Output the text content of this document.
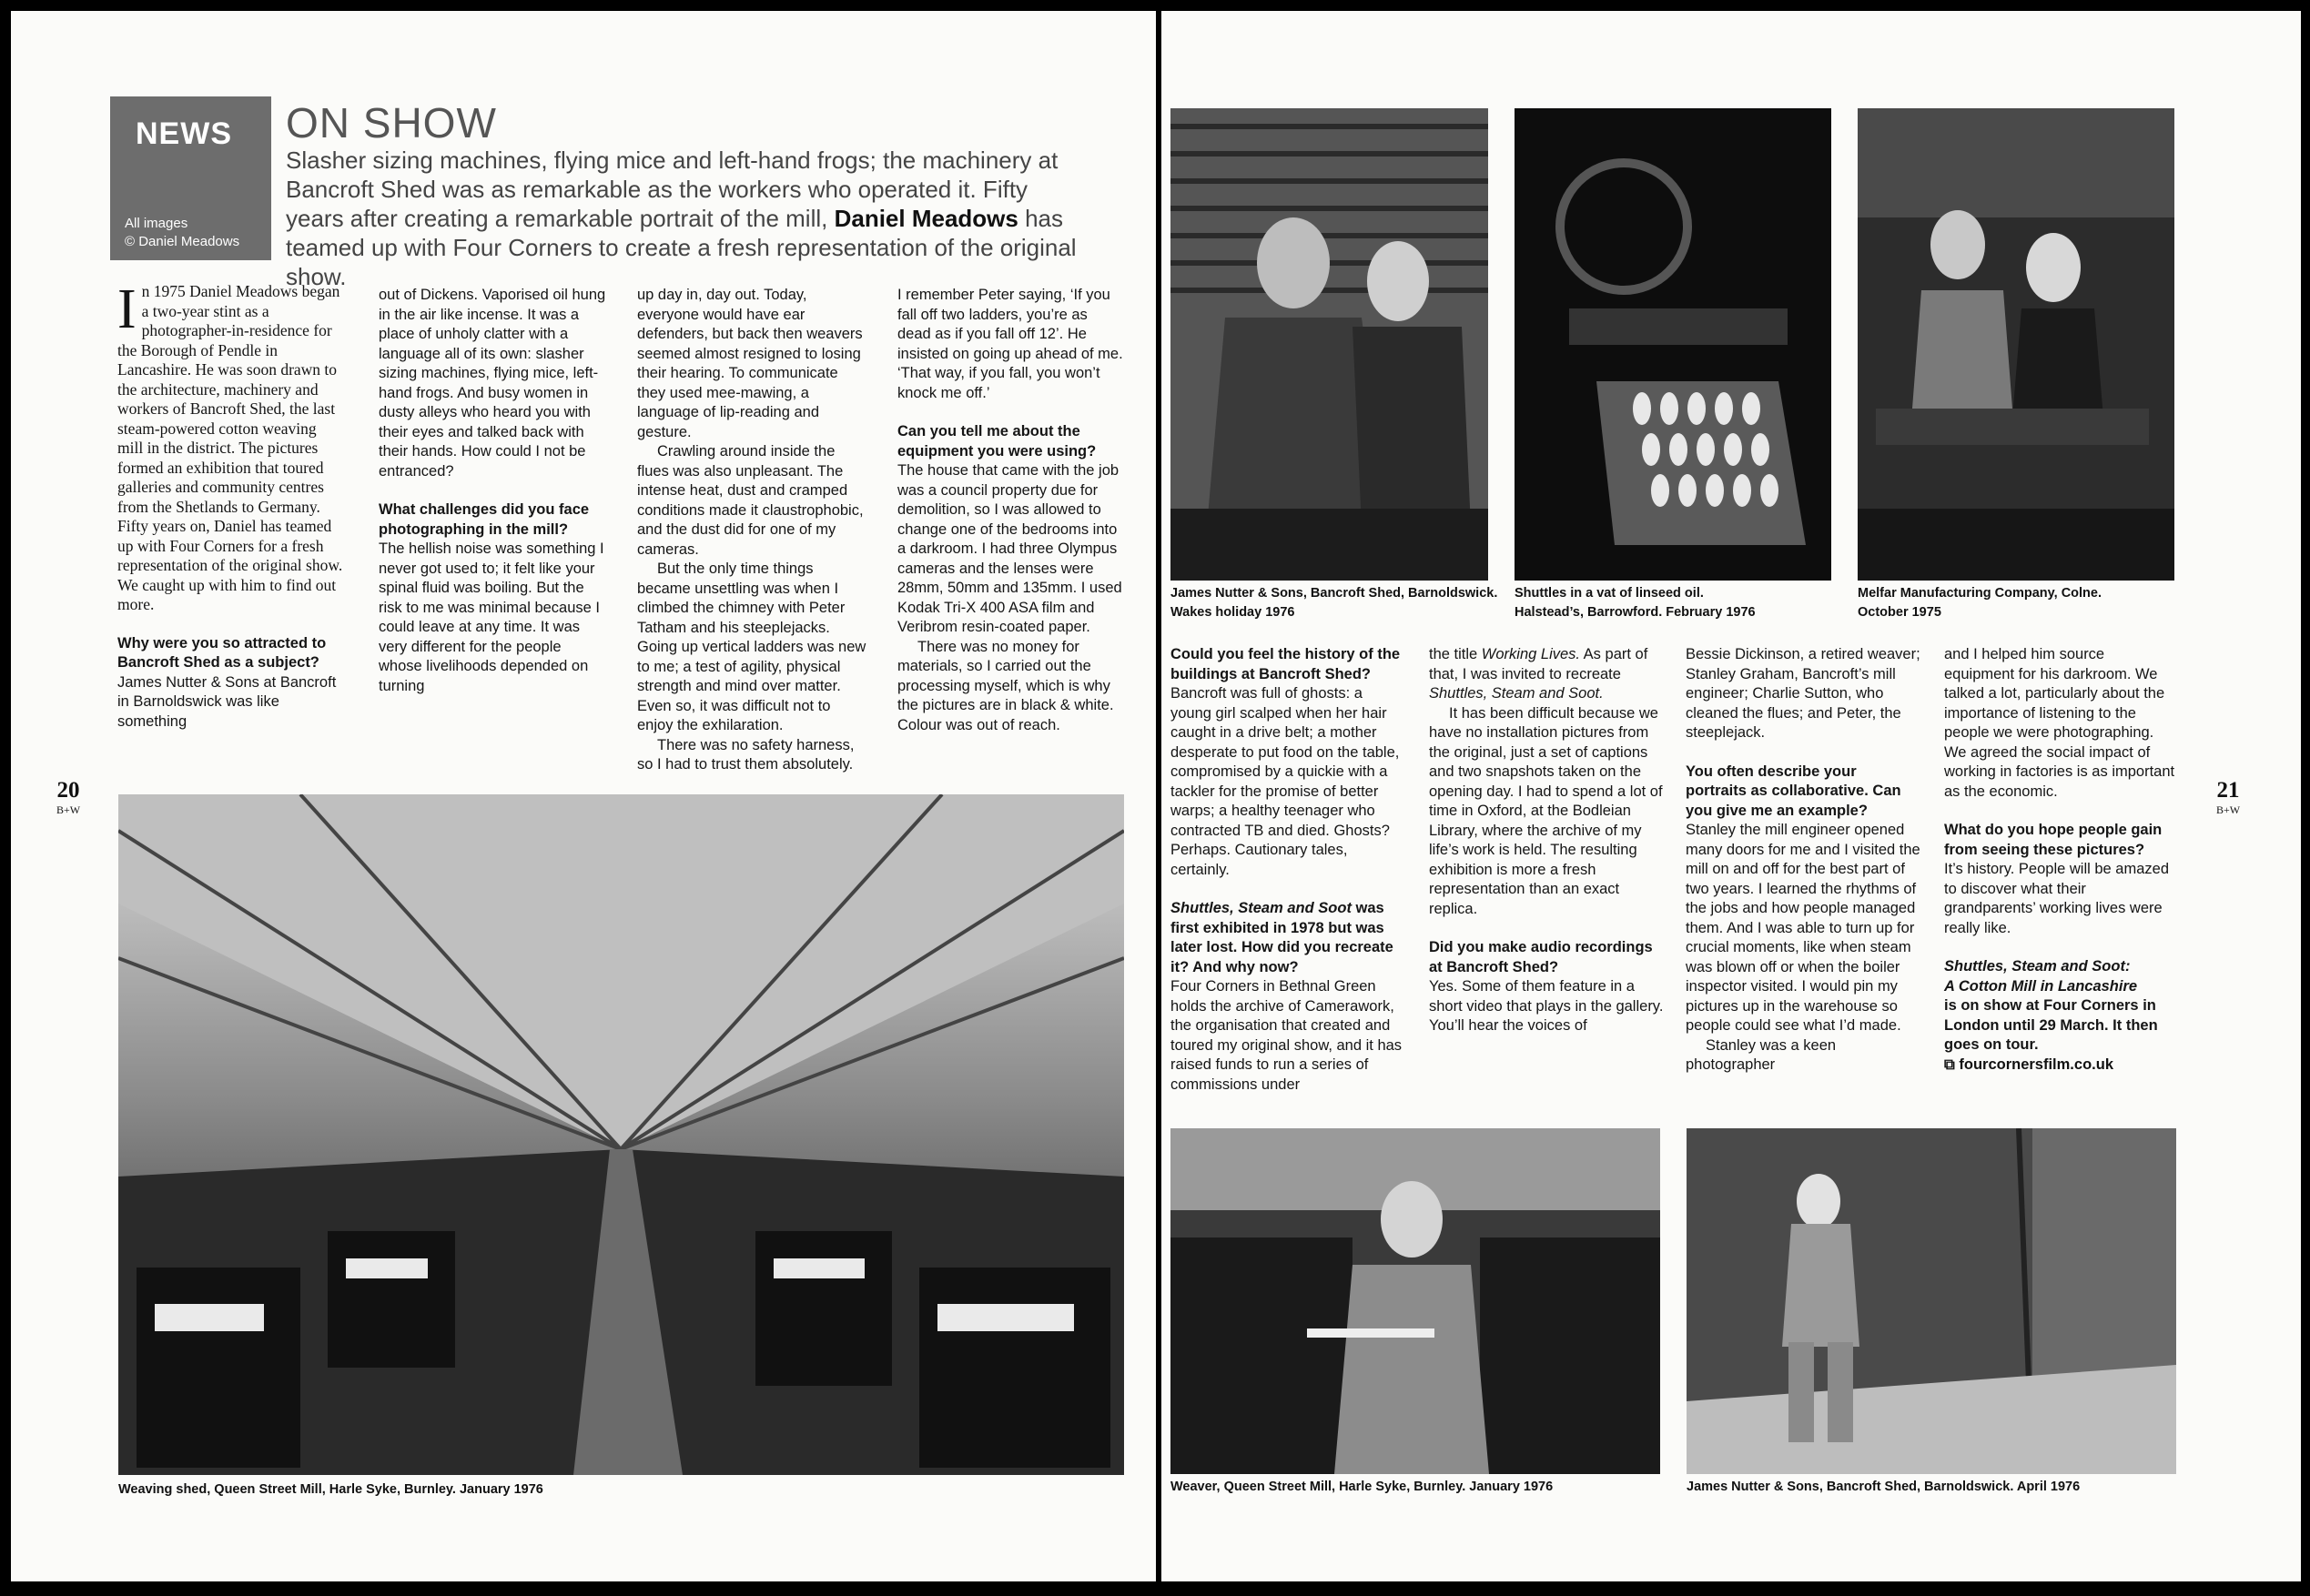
NEWS
All images
© Daniel Meadows
ON SHOW
Slasher sizing machines, flying mice and left-hand frogs; the machinery at Bancroft Shed was as remarkable as the workers who operated it. Fifty years after creating a remarkable portrait of the mill, Daniel Meadows has teamed up with Four Corners to create a fresh representation of the original show.

In 1975 Daniel Meadows began a two-year stint as a photographer-in-residence for the Borough of Pendle in Lancashire. He was soon drawn to the architecture, machinery and workers of Bancroft Shed, the last steam-powered cotton weaving mill in the district. The pictures formed an exhibition that toured galleries and community centres from the Shetlands to Germany. Fifty years on, Daniel has teamed up with Four Corners for a fresh representation of the original show. We caught up with him to find out more.

Why were you so attracted to Bancroft Shed as a subject?

James Nutter & Sons at Bancroft in Barnoldswick was like something

out of Dickens. Vaporised oil hung in the air like incense. It was a place of unholy clatter with a language all of its own: slasher sizing machines, flying mice, left-hand frogs. And busy women in dusty alleys who heard you with their eyes and talked back with their hands. How could I not be entranced?

What challenges did you face photographing in the mill?

The hellish noise was something I never got used to; it felt like your spinal fluid was boiling. But the risk to me was minimal because I could leave at any time. It was very different for the people whose livelihoods depended on turning

up day in, day out. Today, everyone would have ear defenders, but back then weavers seemed almost resigned to losing their hearing. To communicate they used mee-mawing, a language of lip-reading and gesture.

Crawling around inside the flues was also unpleasant. The intense heat, dust and cramped conditions made it claustrophobic, and the dust did for one of my cameras.

But the only time things became unsettling was when I climbed the chimney with Peter Tatham and his steeplejacks. Going up vertical ladders was new to me; a test of agility, physical strength and mind over matter. Even so, it was difficult not to enjoy the exhilaration.

There was no safety harness, so I had to trust them absolutely.

I remember Peter saying, ‘If you fall off two ladders, you’re as dead as if you fall off 12’. He insisted on going up ahead of me. ‘That way, if you fall, you won’t knock me off.’

Can you tell me about the equipment you were using?

The house that came with the job was a council property due for demolition, so I was allowed to change one of the bedrooms into a darkroom. I had three Olympus cameras and the lenses were 28mm, 50mm and 135mm. I used Kodak Tri-X 400 ASA film and Veribrom resin-coated paper.

There was no money for materials, so I carried out the processing myself, which is why the pictures are in black & white. Colour was out of reach.

Weaving shed, Queen Street Mill, Harle Syke, Burnley. January 1976
20
B+W
21
B+W
James Nutter & Sons, Bancroft Shed, Barnoldswick.
Wakes holiday 1976
Shuttles in a vat of linseed oil.
Halstead’s, Barrowford. February 1976
Melfar Manufacturing Company, Colne.
October 1975

Could you feel the history of the buildings at Bancroft Shed?

Bancroft was full of ghosts: a young girl scalped when her hair caught in a drive belt; a mother desperate to put food on the table, compromised by a quickie with a tackler for the promise of better warps; a healthy teenager who contracted TB and died. Ghosts? Perhaps. Cautionary tales, certainly.

Shuttles, Steam and Soot was first exhibited in 1978 but was later lost. How did you recreate it? And why now?

Four Corners in Bethnal Green holds the archive of Camerawork, the organisation that created and toured my original show, and it has raised funds to run a series of commissions under

the title Working Lives. As part of that, I was invited to recreate Shuttles, Steam and Soot.

It has been difficult because we have no installation pictures from the original, just a set of captions and two snapshots taken on the opening day. I had to spend a lot of time in Oxford, at the Bodleian Library, where the archive of my life’s work is held. The resulting exhibition is more a fresh representation than an exact replica.

Did you make audio recordings at Bancroft Shed?

Yes. Some of them feature in a short video that plays in the gallery. You’ll hear the voices of

Bessie Dickinson, a retired weaver; Stanley Graham, Bancroft’s mill engineer; Charlie Sutton, who cleaned the flues; and Peter, the steeplejack.

You often describe your portraits as collaborative. Can you give me an example?

Stanley the mill engineer opened many doors for me and I visited the mill on and off for the best part of two years. I learned the rhythms of the jobs and how people managed them. And I was able to turn up for crucial moments, like when steam was blown off or when the boiler inspector visited. I would pin my pictures up in the warehouse so people could see what I’d made.

Stanley was a keen photographer

and I helped him source equipment for his darkroom. We talked a lot, particularly about the importance of listening to the people we were photographing. We agreed the social impact of working in factories is as important as the economic.

What do you hope people gain from seeing these pictures?

It’s history. People will be amazed to discover what their grandparents’ working lives were really like.

Shuttles, Steam and Soot:
A Cotton Mill in Lancashire
is on show at Four Corners in London until 29 March. It then goes on tour.
⧉ fourcornersfilm.co.uk

Weaver, Queen Street Mill, Harle Syke, Burnley. January 1976	James Nutter & Sons, Bancroft Shed, Barnoldswick. April 1976
